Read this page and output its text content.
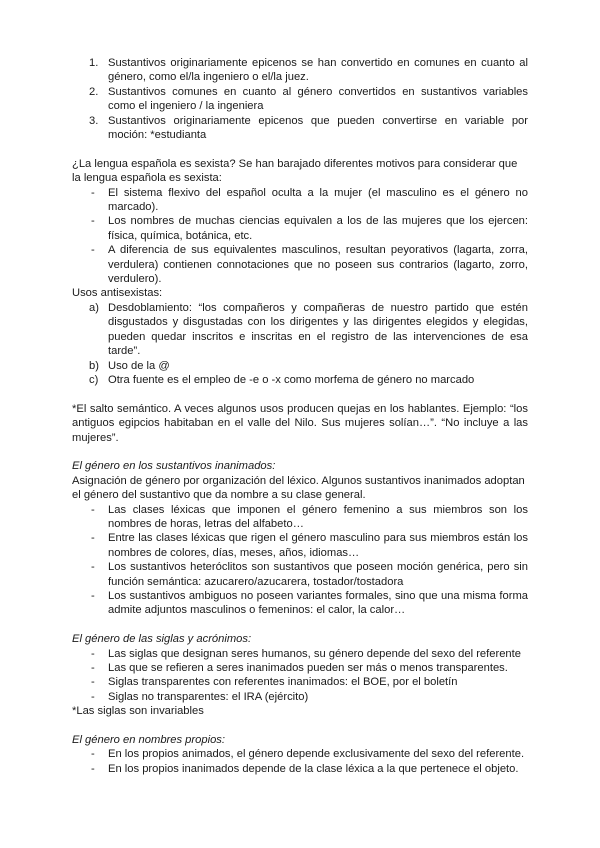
1. Sustantivos originariamente epicenos se han convertido en comunes en cuanto al género, como el/la ingeniero o el/la juez.
2. Sustantivos comunes en cuanto al género convertidos en sustantivos variables como el ingeniero / la ingeniera
3. Sustantivos originariamente epicenos que pueden convertirse en variable por moción: *estudianta

¿La lengua española es sexista? Se han barajado diferentes motivos para considerar que la lengua española es sexista:

- El sistema flexivo del español oculta a la mujer (el masculino es el género no marcado).
- Los nombres de muchas ciencias equivalen a los de las mujeres que los ejercen: física, química, botánica, etc.
- A diferencia de sus equivalentes masculinos, resultan peyorativos (lagarta, zorra, verdulera) contienen connotaciones que no poseen sus contrarios (lagarto, zorro, verdulero).

Usos antisexistas:

a) Desdoblamiento: “los compañeros y compañeras de nuestro partido que estén disgustados y disgustadas con los dirigentes y las dirigentes elegidos y elegidas, pueden quedar inscritos e inscritas en el registro de las intervenciones de esa tarde”.
b) Uso de la @
c) Otra fuente es el empleo de -e o -x como morfema de género no marcado

*El salto semántico. A veces algunos usos producen quejas en los hablantes. Ejemplo: “los antiguos egipcios habitaban en el valle del Nilo. Sus mujeres solían…”. “No incluye a las mujeres”.

El género en los sustantivos inanimados:

Asignación de género por organización del léxico. Algunos sustantivos inanimados adoptan el género del sustantivo que da nombre a su clase general.

- Las clases léxicas que imponen el género femenino a sus miembros son los nombres de horas, letras del alfabeto…
- Entre las clases léxicas que rigen el género masculino para sus miembros están los nombres de colores, días, meses, años, idiomas…
- Los sustantivos heteróclitos son sustantivos que poseen moción genérica, pero sin función semántica: azucarero/azucarera, tostador/tostadora
- Los sustantivos ambiguos no poseen variantes formales, sino que una misma forma admite adjuntos masculinos o femeninos: el calor, la calor…

El género de las siglas y acrónimos:

- Las siglas que designan seres humanos, su género depende del sexo del referente
- Las que se refieren a seres inanimados pueden ser más o menos transparentes.
- Siglas transparentes con referentes inanimados: el BOE, por el boletín
- Siglas no transparentes: el IRA (ejército)

*Las siglas son invariables

El género en nombres propios:

- En los propios animados, el género depende exclusivamente del sexo del referente.
- En los propios inanimados depende de la clase léxica a la que pertenece el objeto.
